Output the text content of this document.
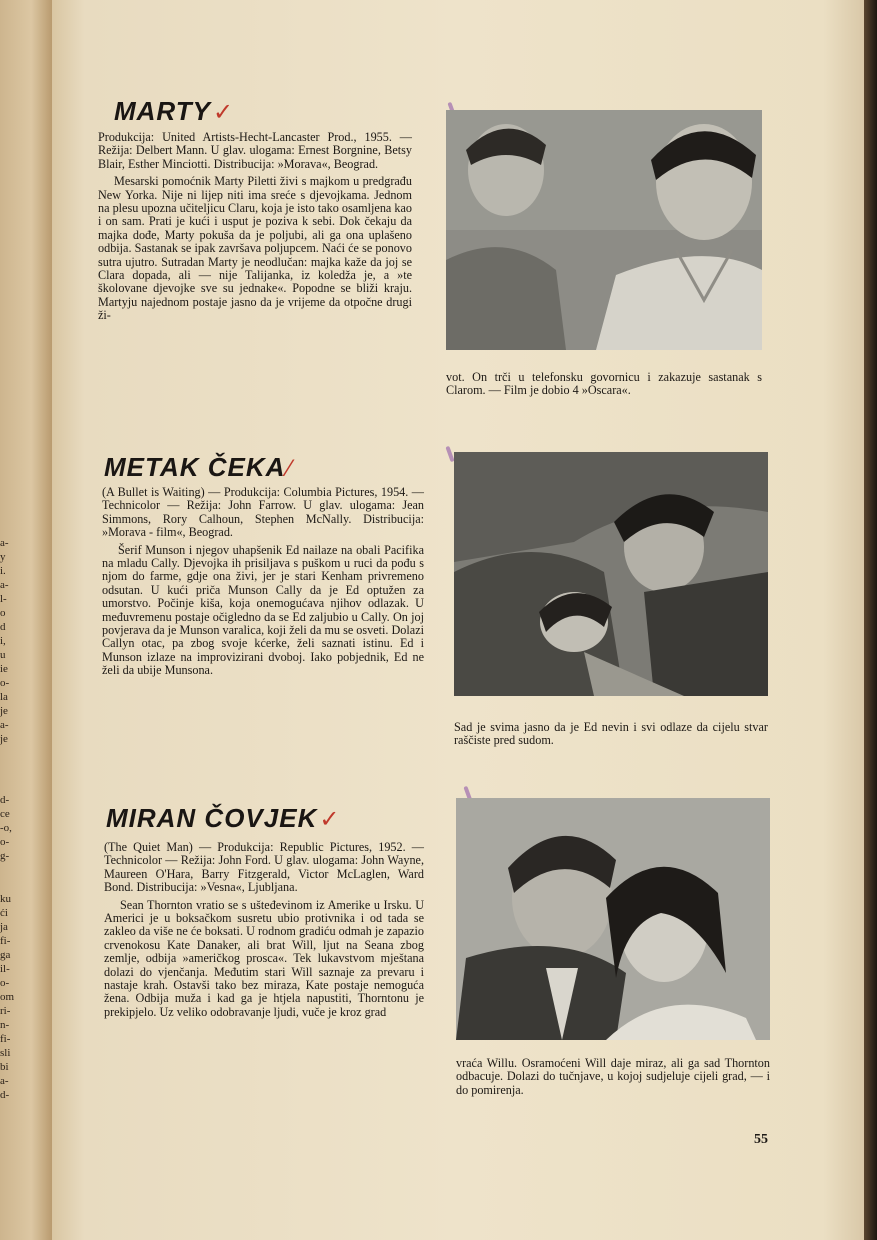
a-
y
i.
a-
l-
o
d
i,
u
ie
o-
la
je
a-
je
d-
ce
-o,
o-
g-
ku
ći
ja
fi-
ga
il-
o-
om
ri-
n-
fi-
sli
bi
a-
d-
MARTY✓

Produkcija: United Artists-Hecht-Lancaster Prod., 1955. — Režija: Delbert Mann. U glav. ulogama: Ernest Borgnine, Betsy Blair, Esther Minciotti. Distribucija: »Morava«, Beograd.

Mesarski pomoćnik Marty Piletti živi s majkom u predgrađu New Yorka. Nije ni lijep niti ima sreće s djevojkama. Jednom na plesu upozna učiteljicu Claru, koja je isto tako osamljena kao i on sam. Prati je kući i usput je poziva k sebi. Dok čekaju da majka dođe, Marty pokuša da je poljubi, ali ga ona uplašeno odbija. Sastanak se ipak završava poljupcem. Naći će se ponovo sutra ujutro. Sutradan Marty je neodlučan: majka kaže da joj se Clara dopada, ali — nije Talijanka, iz koledža je, a »te školovane djevojke sve su jednake«. Popodne se bliži kraju. Martyju najednom postaje jasno da je vrijeme da otpočne drugi ži-

vot. On trči u telefonsku govornicu i zakazuje sastanak s Clarom. — Film je dobio 4 »Oscara«.
METAK ČEKA⁄

(A Bullet is Waiting) — Produkcija: Columbia Pictures, 1954. — Technicolor — Režija: John Farrow. U glav. ulogama: Jean Simmons, Rory Calhoun, Stephen McNally. Distribucija: »Morava - film«, Beograd.

Šerif Munson i njegov uhapšenik Ed nailaze na obali Pacifika na mladu Cally. Djevojka ih prisiljava s puškom u ruci da pođu s njom do farme, gdje ona živi, jer je stari Kenham privremeno odsutan. U kući priča Munson Cally da je Ed optužen za umorstvo. Počinje kiša, koja onemogućava njihov odlazak. U međuvremenu postaje očigledno da se Ed zaljubio u Cally. On joj povjerava da je Munson varalica, koji želi da mu se osveti. Dolazi Callyn otac, pa zbog svoje kćerke, želi saznati istinu. Ed i Munson izlaze na improvizirani dvoboj. Iako pobjednik, Ed ne želi da ubije Munsona.

Sad je svima jasno da je Ed nevin i svi odlaze da cijelu stvar raščiste pred sudom.
MIRAN ČOVJEK✓

(The Quiet Man) — Produkcija: Republic Pictures, 1952. — Technicolor — Režija: John Ford. U glav. ulogama: John Wayne, Maureen O'Hara, Barry Fitzgerald, Victor McLaglen, Ward Bond. Distribucija: »Vesna«, Ljubljana.

Sean Thornton vratio se s ušteđevinom iz Amerike u Irsku. U Americi je u boksačkom susretu ubio protivnika i od tada se zakleo da više ne će boksati. U rodnom gradiću odmah je zapazio crvenokosu Kate Danaker, ali brat Will, ljut na Seana zbog zemlje, odbija »američkog prosca«. Tek lukavstvom mještana dolazi do vjenčanja. Međutim stari Will saznaje za prevaru i nastaje krah. Ostavši tako bez miraza, Kate postaje nemoguća žena. Odbija muža i kad ga je htjela napustiti, Thorntonu je prekipjelo. Uz veliko odobravanje ljudi, vuče je kroz grad

vraća Willu. Osramoćeni Will daje miraz, ali ga sad Thornton odbacuje. Dolazi do tučnjave, u kojoj sudjeluje cijeli grad, — i do pomirenja.
55
